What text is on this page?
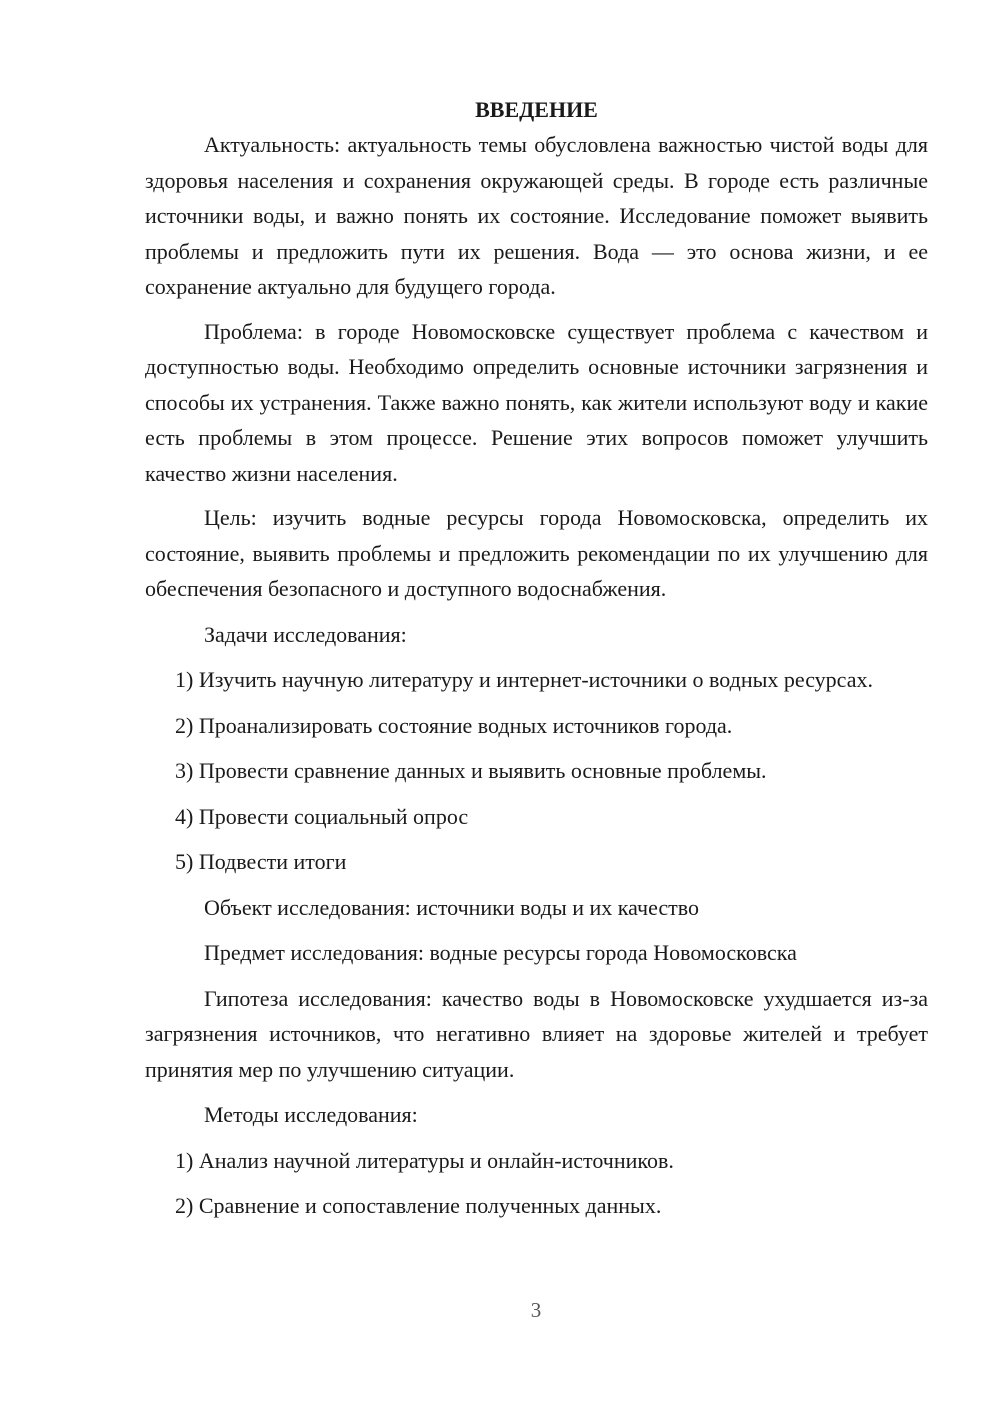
ВВЕДЕНИЕ

Актуальность: актуальность темы обусловлена важностью чистой воды для здоровья населения и сохранения окружающей среды. В городе есть различные источники воды, и важно понять их состояние. Исследование поможет выявить проблемы и предложить пути их решения. Вода — это основа жизни, и ее сохранение актуально для будущего города.

Проблема: в городе Новомосковске существует проблема с качеством и доступностью воды. Необходимо определить основные источники загрязнения и способы их устранения. Также важно понять, как жители используют воду и какие есть проблемы в этом процессе. Решение этих вопросов поможет улучшить качество жизни населения.

Цель: изучить водные ресурсы города Новомосковска, определить их состояние, выявить проблемы и предложить рекомендации по их улучшению для обеспечения безопасного и доступного водоснабжения.

Задачи исследования:

1) Изучить научную литературу и интернет-источники о водных ресурсах.

2) Проанализировать состояние водных источников города.

3) Провести сравнение данных и выявить основные проблемы.

4) Провести социальный опрос

5) Подвести итоги

Объект исследования: источники воды и их качество

Предмет исследования: водные ресурсы города Новомосковска

Гипотеза исследования: качество воды в Новомосковске ухудшается из-за загрязнения источников, что негативно влияет на здоровье жителей и требует принятия мер по улучшению ситуации.

Методы исследования:

1) Анализ научной литературы и онлайн-источников.

2) Сравнение и сопоставление полученных данных.

3
